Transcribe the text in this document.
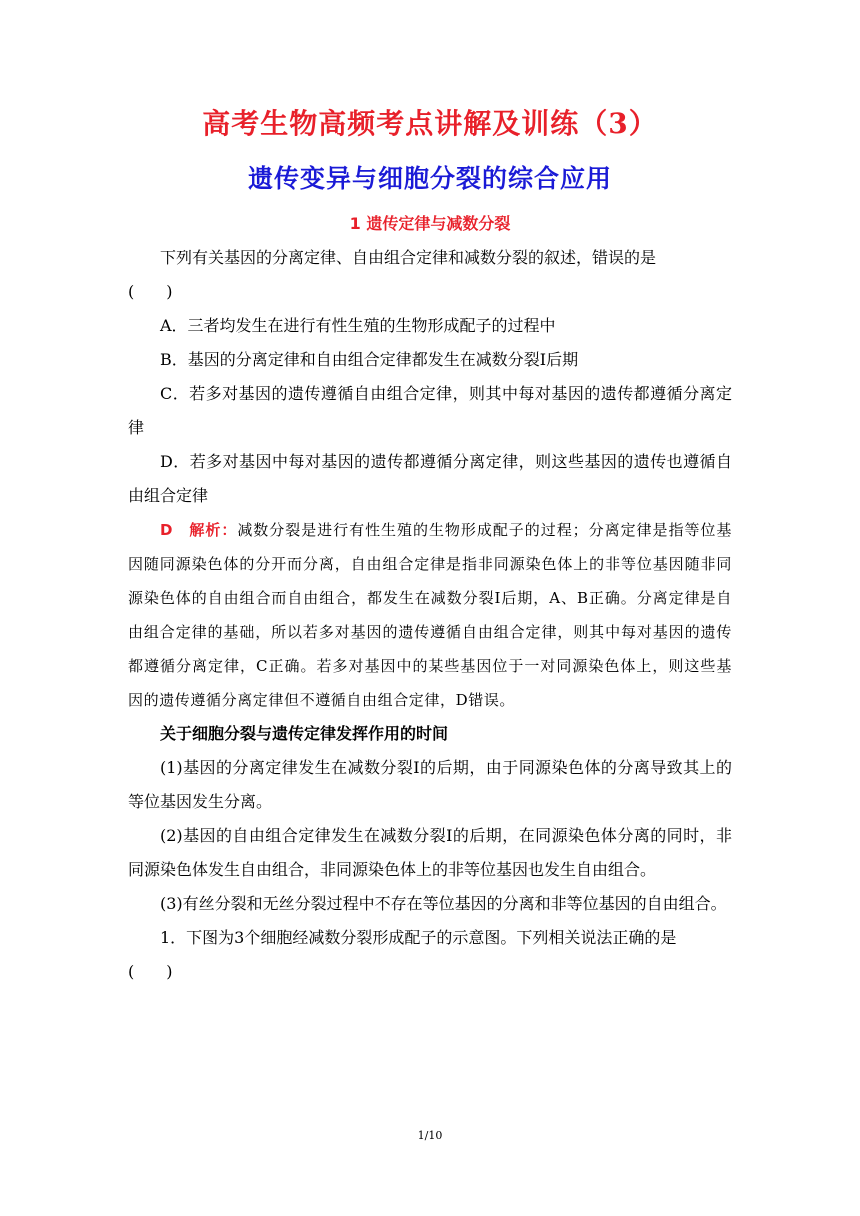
高考生物高频考点讲解及训练（3）
遗传变异与细胞分裂的综合应用
1 遗传定律与减数分裂

下列有关基因的分离定律、自由组合定律和减数分裂的叙述，错误的是

(　　)

A．三者均发生在进行有性生殖的生物形成配子的过程中

B．基因的分离定律和自由组合定律都发生在减数分裂Ⅰ后期

C．若多对基因的遗传遵循自由组合定律，则其中每对基因的遗传都遵循分离定律

D．若多对基因中每对基因的遗传都遵循分离定律，则这些基因的遗传也遵循自由组合定律

D　解析：减数分裂是进行有性生殖的生物形成配子的过程；分离定律是指等位基因随同源染色体的分开而分离，自由组合定律是指非同源染色体上的非等位基因随非同源染色体的自由组合而自由组合，都发生在减数分裂Ⅰ后期，A、B正确。分离定律是自由组合定律的基础，所以若多对基因的遗传遵循自由组合定律，则其中每对基因的遗传都遵循分离定律，C正确。若多对基因中的某些基因位于一对同源染色体上，则这些基因的遗传遵循分离定律但不遵循自由组合定律，D错误。

关于细胞分裂与遗传定律发挥作用的时间

(1)基因的分离定律发生在减数分裂Ⅰ的后期，由于同源染色体的分离导致其上的等位基因发生分离。

(2)基因的自由组合定律发生在减数分裂Ⅰ的后期，在同源染色体分离的同时，非同源染色体发生自由组合，非同源染色体上的非等位基因也发生自由组合。

(3)有丝分裂和无丝分裂过程中不存在等位基因的分离和非等位基因的自由组合。

1．下图为3个细胞经减数分裂形成配子的示意图。下列相关说法正确的是

(　　)

1/10
